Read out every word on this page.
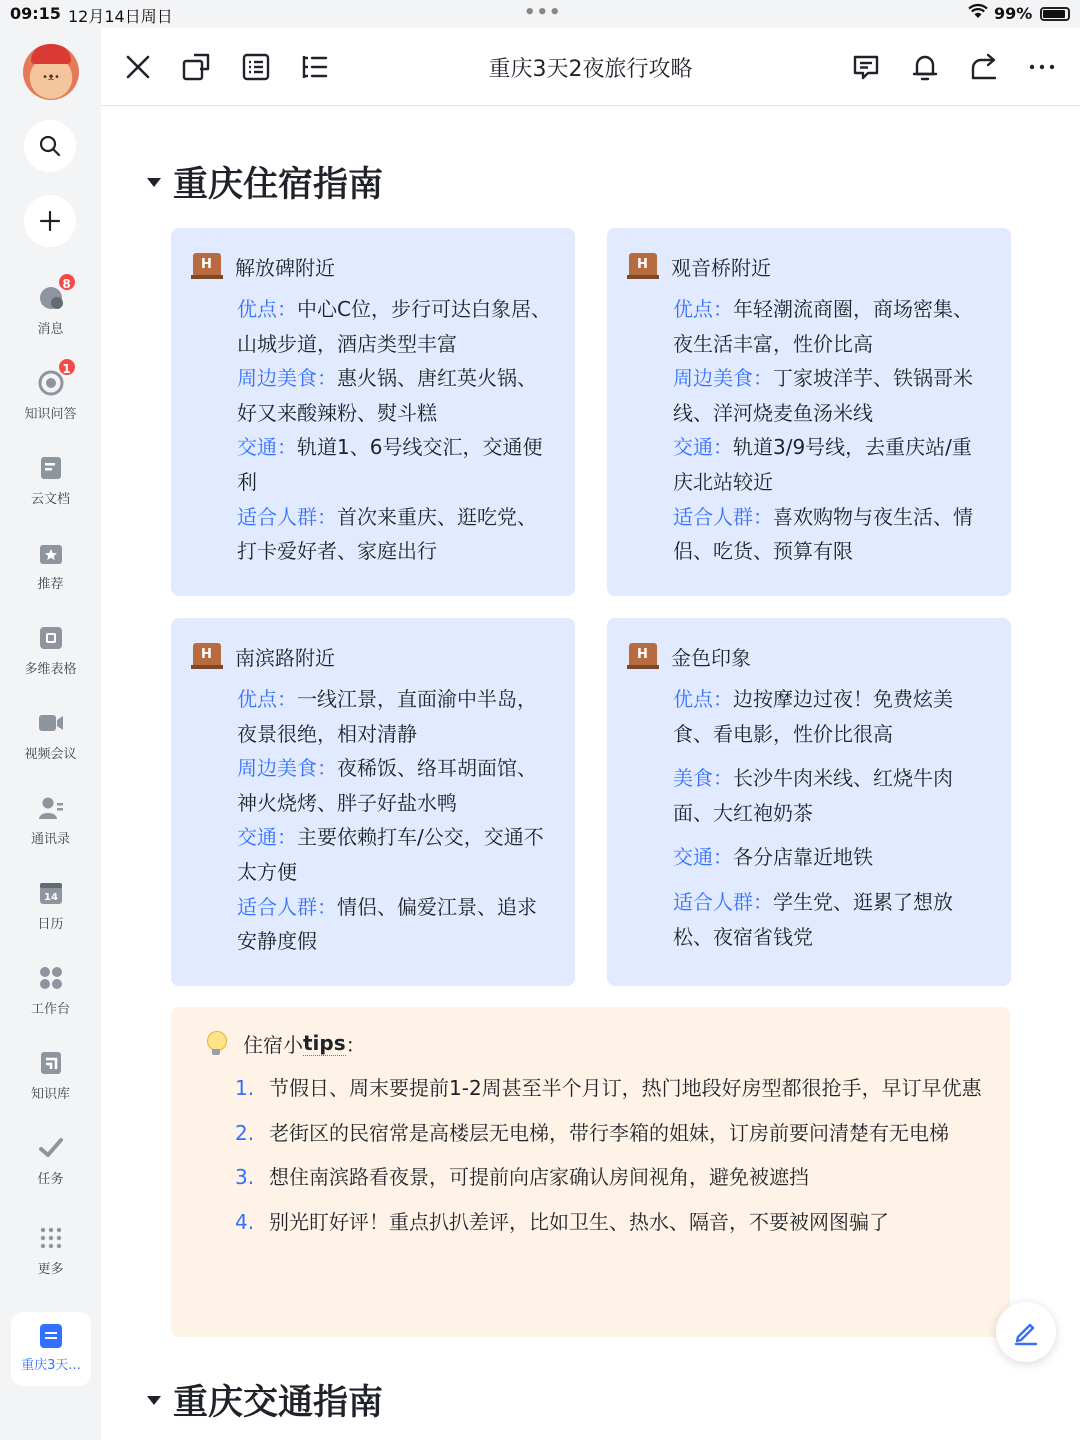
09:15 12月14日周日	•••	99%
•ᴥ•
8
消息
1
知识问答
云文档
推荐
多维表格
视频会议
通讯录
14
日历
工作台
知识库
任务
更多
重庆3天...
重庆3天2夜旅行攻略
重庆住宿指南
H
解放碑附近

优点：中心C位，步行可达白象居、山城步道，酒店类型丰富

周边美食：惠火锅、唐红英火锅、好又来酸辣粉、熨斗糕

交通：轨道1、6号线交汇，交通便利

适合人群：首次来重庆、逛吃党、打卡爱好者、家庭出行

H
观音桥附近

优点：年轻潮流商圈，商场密集、夜生活丰富，性价比高

周边美食：丁家坡洋芋、铁锅哥米线、洋河烧麦鱼汤米线

交通：轨道3/9号线，去重庆站/重庆北站较近

适合人群：喜欢购物与夜生活、情侣、吃货、预算有限

H
南滨路附近

优点：一线江景，直面渝中半岛，夜景很绝，相对清静

周边美食：夜稀饭、络耳胡面馆、神火烧烤、胖子好盐水鸭

交通：主要依赖打车/公交，交通不太方便

适合人群：情侣、偏爱江景、追求安静度假

H
金色印象

优点：边按摩边过夜！免费炫美食、看电影，性价比很高

美食：长沙牛肉米线、红烧牛肉面、大红袍奶茶

交通：各分店靠近地铁

适合人群：学生党、逛累了想放松、夜宿省钱党

住宿小 tips ：
1. 节假日、周末要提前1-2周甚至半个月订，热门地段好房型都很抢手，早订早优惠
2. 老街区的民宿常是高楼层无电梯，带行李箱的姐妹，订房前要问清楚有无电梯
3. 想住南滨路看夜景，可提前向店家确认房间视角，避免被遮挡
4. 别光盯好评！重点扒扒差评，比如卫生、热水、隔音，不要被网图骗了
重庆交通指南
